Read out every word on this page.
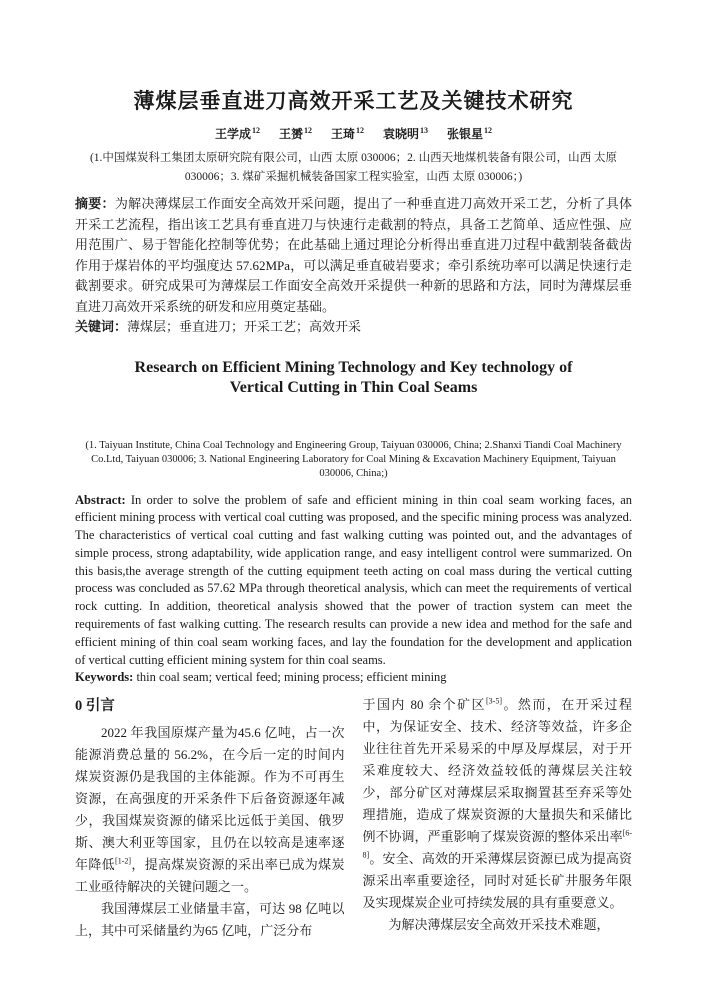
薄煤层垂直进刀高效开采工艺及关键技术研究
王学成$^{12}$ 王赟$^{12}$ 王琦$^{12}$ 袁晓明$^{13}$ 张银星$^{12}$
(1.中国煤炭科工集团太原研究院有限公司，山西 太原 030006；2. 山西天地煤机装备有限公司，山西 太原 030006；3. 煤矿采掘机械装备国家工程实验室，山西 太原 030006；)

摘要：为解决薄煤层工作面安全高效开采问题，提出了一种垂直进刀高效开采工艺，分析了具体开采工艺流程，指出该工艺具有垂直进刀与快速行走截割的特点，具备工艺简单、适应性强、应用范围广、易于智能化控制等优势；在此基础上通过理论分析得出垂直进刀过程中截割装备截齿作用于煤岩体的平均强度达 57.62MPa，可以满足垂直破岩要求；牵引系统功率可以满足快速行走截割要求。研究成果可为薄煤层工作面安全高效开采提供一种新的思路和方法，同时为薄煤层垂直进刀高效开采系统的研发和应用奠定基础。

关键词：薄煤层；垂直进刀；开采工艺；高效开采

Research on Efficient Mining Technology and Key technology of Vertical Cutting in Thin Coal Seams
(1. Taiyuan Institute, China Coal Technology and Engineering Group, Taiyuan 030006, China; 2.Shanxi Tiandi Coal Machinery Co.Ltd, Taiyuan 030006; 3. National Engineering Laboratory for Coal Mining & Excavation Machinery Equipment, Taiyuan 030006, China;)

Abstract: In order to solve the problem of safe and efficient mining in thin coal seam working faces, an efficient mining process with vertical coal cutting was proposed, and the specific mining process was analyzed. The characteristics of vertical coal cutting and fast walking cutting was pointed out, and the advantages of simple process, strong adaptability, wide application range, and easy intelligent control were summarized. On this basis,the average strength of the cutting equipment teeth acting on coal mass during the vertical cutting process was concluded as 57.62 MPa through theoretical analysis, which can meet the requirements of vertical rock cutting. In addition, theoretical analysis showed that the power of traction system can meet the requirements of fast walking cutting. The research results can provide a new idea and method for the safe and efficient mining of thin coal seam working faces, and lay the foundation for the development and application of vertical cutting efficient mining system for thin coal seams.

Keywords: thin coal seam; vertical feed; mining process; efficient mining

0 引言

2022 年我国原煤产量为45.6 亿吨，占一次能源消费总量的 56.2%，在今后一定的时间内煤炭资源仍是我国的主体能源。作为不可再生资源，在高强度的开采条件下后备资源逐年减少，我国煤炭资源的储采比远低于美国、俄罗斯、澳大利亚等国家，且仍在以较高是速率逐年降低[1-2]，提高煤炭资源的采出率已成为煤炭工业亟待解决的关键问题之一。

我国薄煤层工业储量丰富，可达 98 亿吨以上，其中可采储量约为65 亿吨，广泛分布

于国内 80 余个矿区[3-5]。然而，在开采过程中，为保证安全、技术、经济等效益，许多企业往往首先开采易采的中厚及厚煤层，对于开采难度较大、经济效益较低的薄煤层关注较少，部分矿区对薄煤层采取搁置甚至弃采等处理措施，造成了煤炭资源的大量损失和采储比例不协调，严重影响了煤炭资源的整体采出率[6-8]。安全、高效的开采薄煤层资源已成为提高资源采出率重要途径，同时对延长矿井服务年限及实现煤炭企业可持续发展的具有重要意义。

为解决薄煤层安全高效开采技术难题，
